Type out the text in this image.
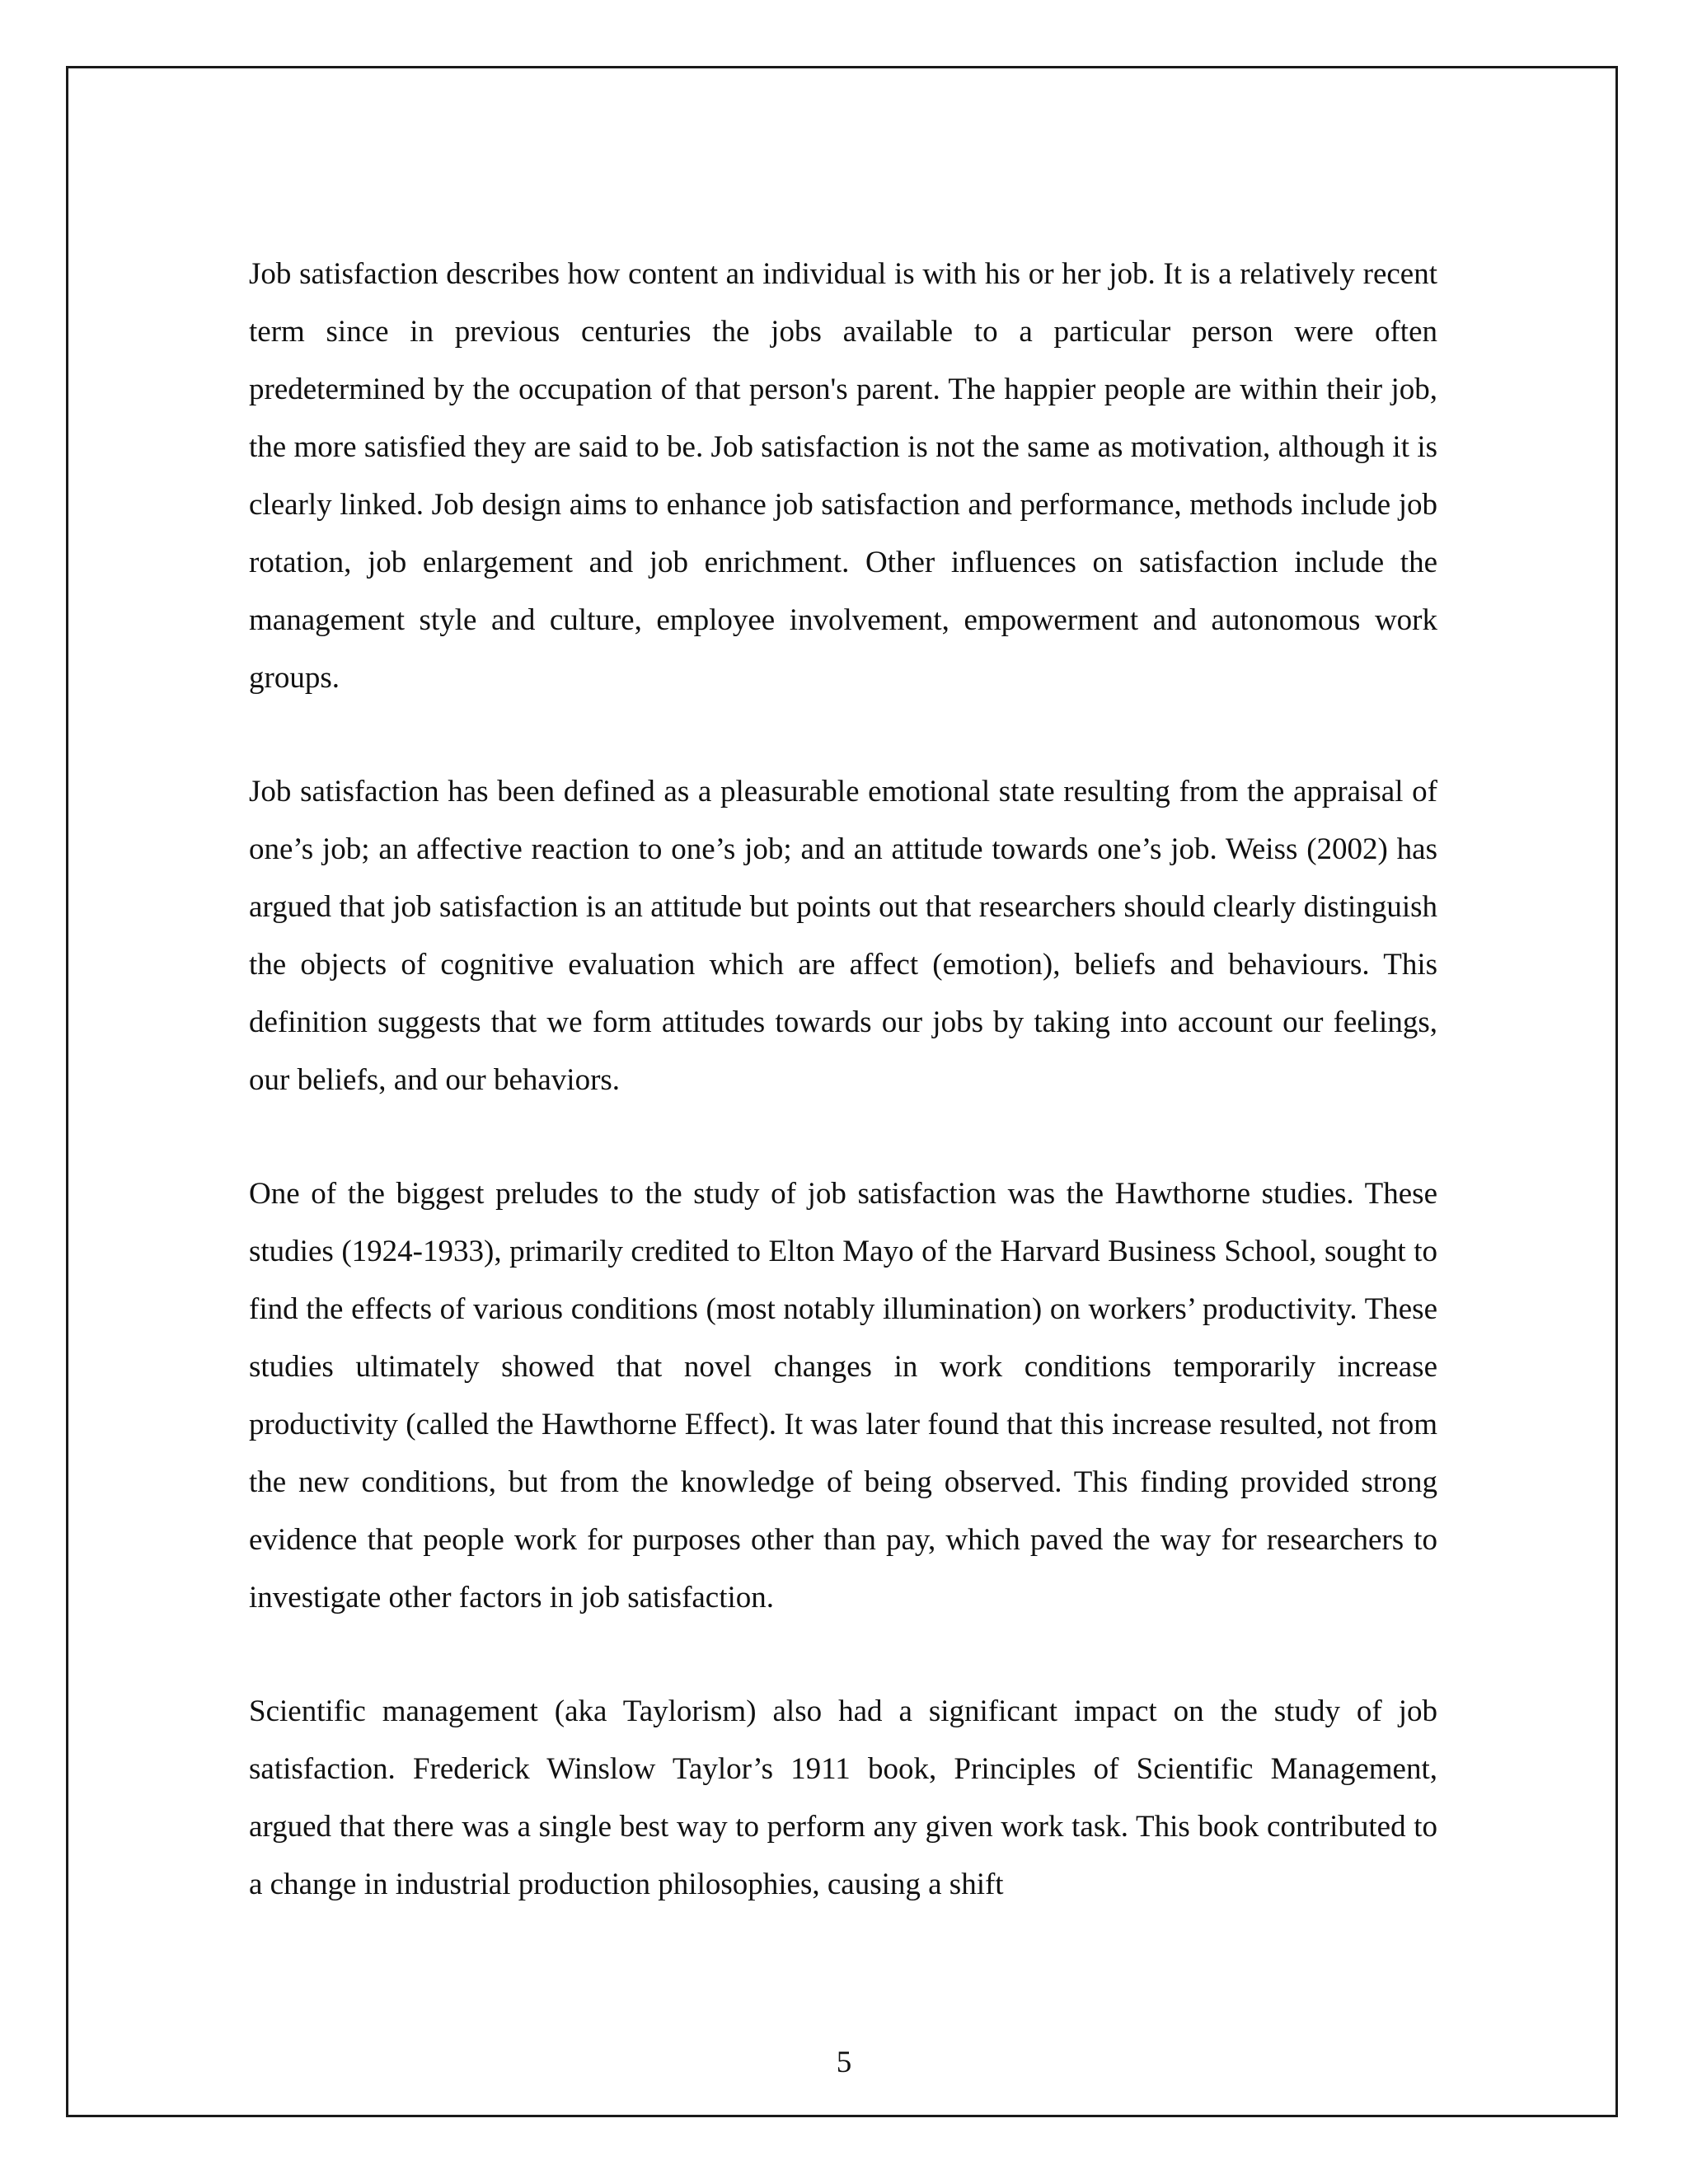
Job satisfaction describes how content an individual is with his or her job. It is a relatively recent term since in previous centuries the jobs available to a particular person were often predetermined by the occupation of that person's parent. The happier people are within their job, the more satisfied they are said to be. Job satisfaction is not the same as motivation, although it is clearly linked. Job design aims to enhance job satisfaction and performance, methods include job rotation, job enlargement and job enrichment. Other influences on satisfaction include the management style and culture, employee involvement, empowerment and autonomous work groups.

Job satisfaction has been defined as a pleasurable emotional state resulting from the appraisal of one’s job; an affective reaction to one’s job; and an attitude towards one’s job. Weiss (2002) has argued that job satisfaction is an attitude but points out that researchers should clearly distinguish the objects of cognitive evaluation which are affect (emotion), beliefs and behaviours. This definition suggests that we form attitudes towards our jobs by taking into account our feelings, our beliefs, and our behaviors.

One of the biggest preludes to the study of job satisfaction was the Hawthorne studies. These studies (1924-1933), primarily credited to Elton Mayo of the Harvard Business School, sought to find the effects of various conditions (most notably illumination) on workers’ productivity. These studies ultimately showed that novel changes in work conditions temporarily increase productivity (called the Hawthorne Effect). It was later found that this increase resulted, not from the new conditions, but from the knowledge of being observed. This finding provided strong evidence that people work for purposes other than pay, which paved the way for researchers to investigate other factors in job satisfaction.

Scientific management (aka Taylorism) also had a significant impact on the study of job satisfaction. Frederick Winslow Taylor’s 1911 book, Principles of Scientific Management, argued that there was a single best way to perform any given work task. This book contributed to a change in industrial production philosophies, causing a shift

5
